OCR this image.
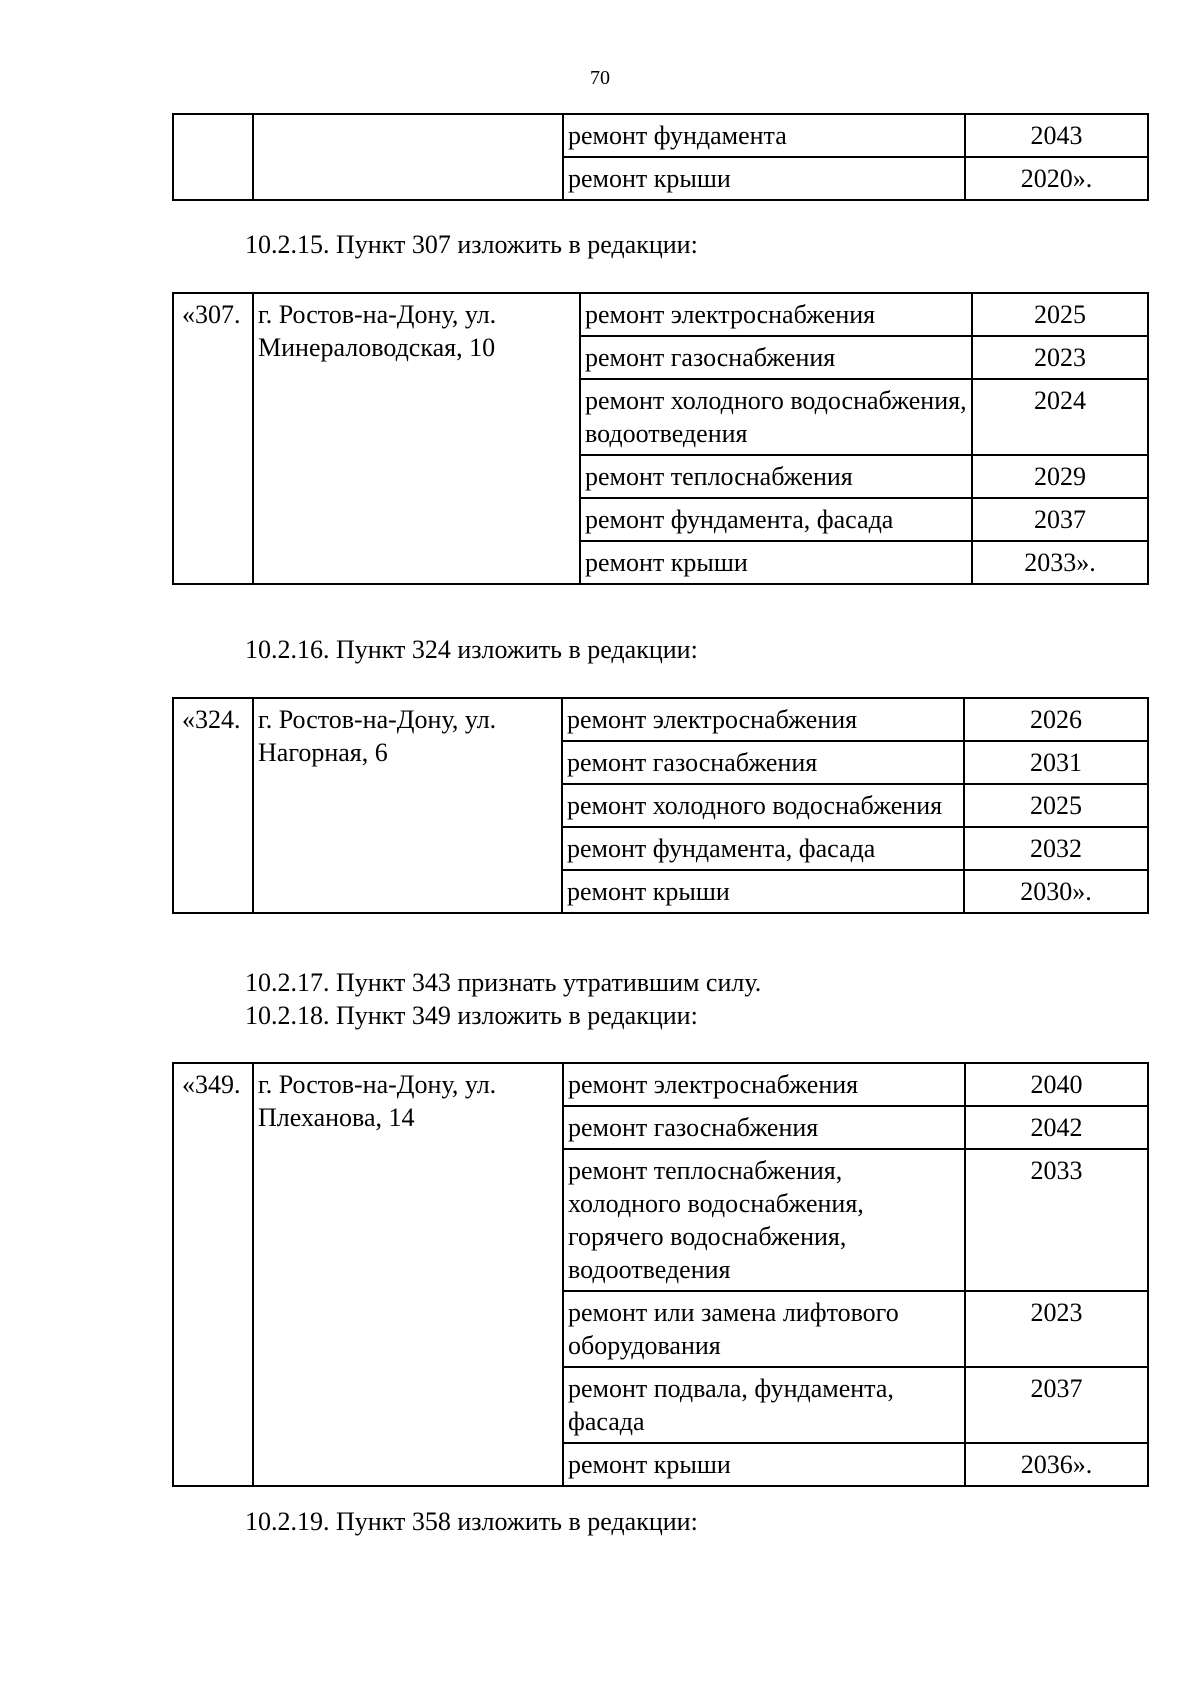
70
		ремонт фундамента	2043
		ремонт крыши	2020».
10.2.15. Пункт 307 изложить в редакции:
«307.	г. Ростов-на-Дону, ул. Минераловодская, 10	ремонт электроснабжения	2025
		ремонт газоснабжения	2023
		ремонт холодного водоснабжения, водоотведения	2024
		ремонт теплоснабжения	2029
		ремонт фундамента, фасада	2037
		ремонт крыши	2033».
10.2.16. Пункт 324 изложить в редакции:
«324.	г. Ростов-на-Дону, ул. Нагорная, 6	ремонт электроснабжения	2026
		ремонт газоснабжения	2031
		ремонт холодного водоснабжения	2025
		ремонт фундамента, фасада	2032
		ремонт крыши	2030».
10.2.17. Пункт 343 признать утратившим силу.
10.2.18. Пункт 349 изложить в редакции:
«349.	г. Ростов-на-Дону, ул. Плеханова, 14	ремонт электроснабжения	2040
		ремонт газоснабжения	2042
		ремонт теплоснабжения, холодного водоснабжения, горячего водоснабжения, водоотведения	2033
		ремонт или замена лифтового оборудования	2023
		ремонт подвала, фундамента, фасада	2037
		ремонт крыши	2036».
10.2.19. Пункт 358 изложить в редакции:
